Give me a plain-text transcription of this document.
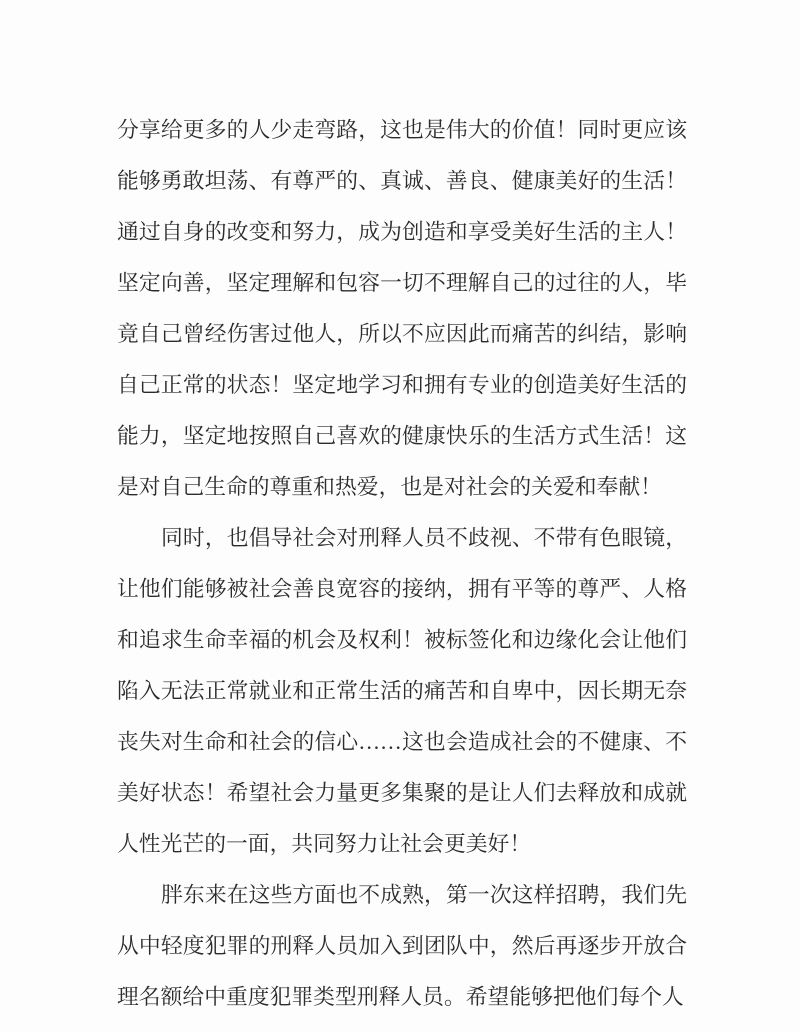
分享给更多的人少走弯路，这也是伟大的价值！同时更应该
能够勇敢坦荡、有尊严的、真诚、善良、健康美好的生活！
通过自身的改变和努力，成为创造和享受美好生活的主人！
坚定向善，坚定理解和包容一切不理解自己的过往的人，毕
竟自己曾经伤害过他人，所以不应因此而痛苦的纠结，影响
自己正常的状态！坚定地学习和拥有专业的创造美好生活的
能力，坚定地按照自己喜欢的健康快乐的生活方式生活！这
是对自己生命的尊重和热爱，也是对社会的关爱和奉献！
同时，也倡导社会对刑释人员不歧视、不带有色眼镜，
让他们能够被社会善良宽容的接纳，拥有平等的尊严、人格
和追求生命幸福的机会及权利！被标签化和边缘化会让他们
陷入无法正常就业和正常生活的痛苦和自卑中，因长期无奈
丧失对生命和社会的信心……这也会造成社会的不健康、不
美好状态！希望社会力量更多集聚的是让人们去释放和成就
人性光芒的一面，共同努力让社会更美好！
胖东来在这些方面也不成熟，第一次这样招聘，我们先
从中轻度犯罪的刑释人员加入到团队中，然后再逐步开放合
理名额给中重度犯罪类型刑释人员。希望能够把他们每个人
